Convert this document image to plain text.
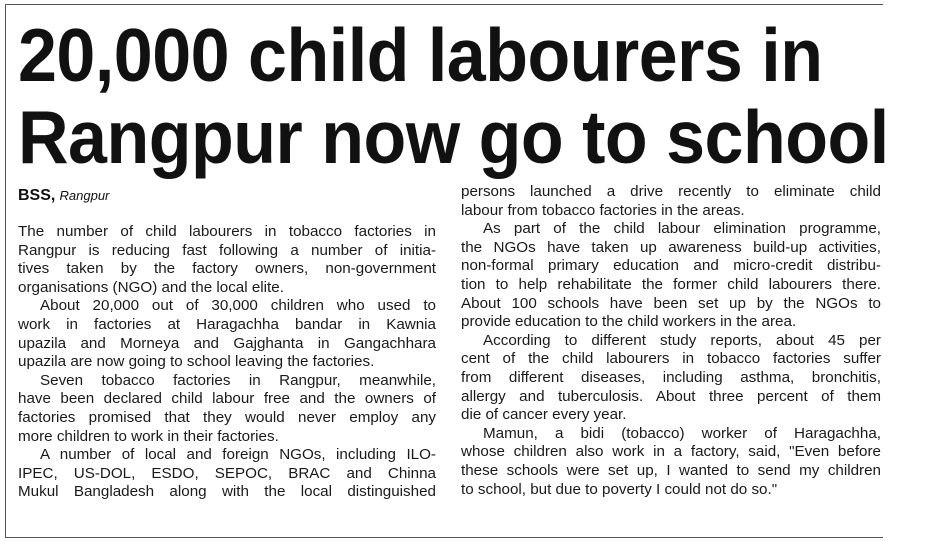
20,000 child labourers in
Rangpur now go to school
BSS, Rangpur

The number of child labourers in tobacco factories in
Rangpur is reducing fast following a number of initia-
tives taken by the factory owners, non-government
organisations (NGO) and the local elite.

About 20,000 out of 30,000 children who used to
work in factories at Haragachha bandar in Kawnia
upazila and Morneya and Gajghanta in Gangachhara
upazila are now going to school leaving the factories.

Seven tobacco factories in Rangpur, meanwhile,
have been declared child labour free and the owners of
factories promised that they would never employ any
more children to work in their factories.

A number of local and foreign NGOs, including ILO-
IPEC, US-DOL, ESDO, SEPOC, BRAC and Chinna
Mukul Bangladesh along with the local distinguished

persons launched a drive recently to eliminate child
labour from tobacco factories in the areas.

As part of the child labour elimination programme,
the NGOs have taken up awareness build-up activities,
non-formal primary education and micro-credit distribu-
tion to help rehabilitate the former child labourers there.
About 100 schools have been set up by the NGOs to
provide education to the child workers in the area.

According to different study reports, about 45 per
cent of the child labourers in tobacco factories suffer
from different diseases, including asthma, bronchitis,
allergy and tuberculosis. About three percent of them
die of cancer every year.

Mamun, a bidi (tobacco) worker of Haragachha,
whose children also work in a factory, said, "Even before
these schools were set up, I wanted to send my children
to school, but due to poverty I could not do so."
